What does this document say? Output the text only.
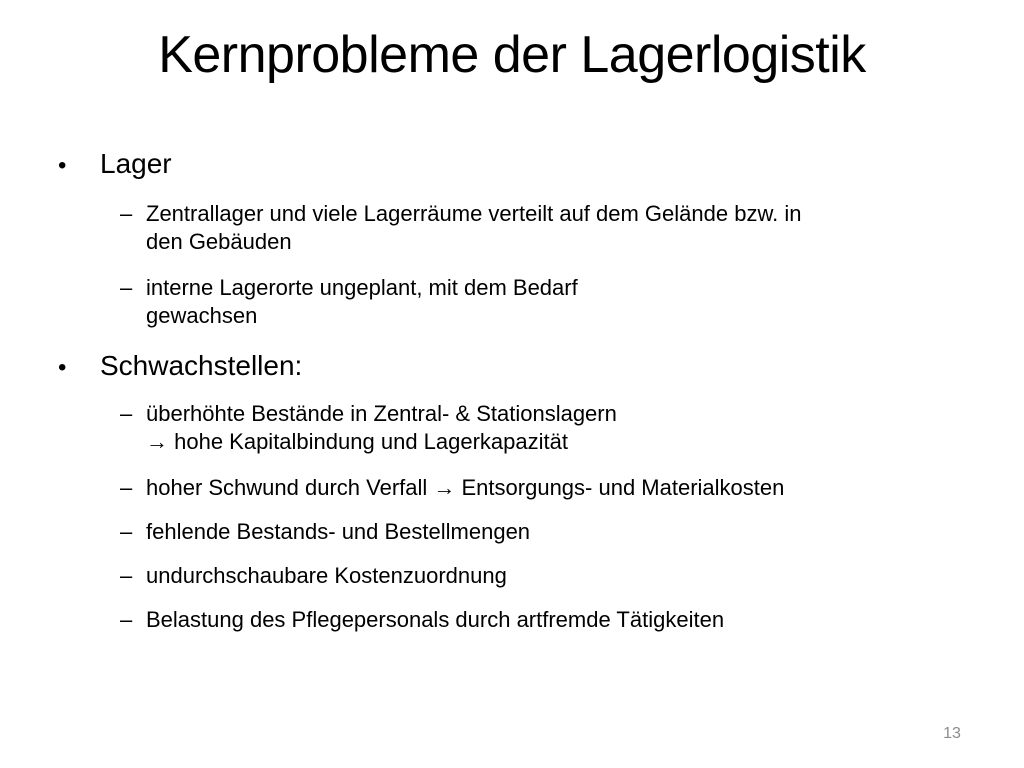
Kernprobleme der Lagerlogistik
•	Lager
– Zentrallager und viele Lagerräume verteilt auf dem Gelände bzw. in
den Gebäuden
– interne Lagerorte ungeplant, mit dem Bedarf
gewachsen
•	Schwachstellen:
– überhöhte Bestände in Zentral- & Stationslagern
→ hohe Kapitalbindung und Lagerkapazität
– hoher Schwund durch Verfall → Entsorgungs- und Materialkosten
– fehlende Bestands- und Bestellmengen
– undurchschaubare Kostenzuordnung
– Belastung des Pflegepersonals durch artfremde Tätigkeiten
13
